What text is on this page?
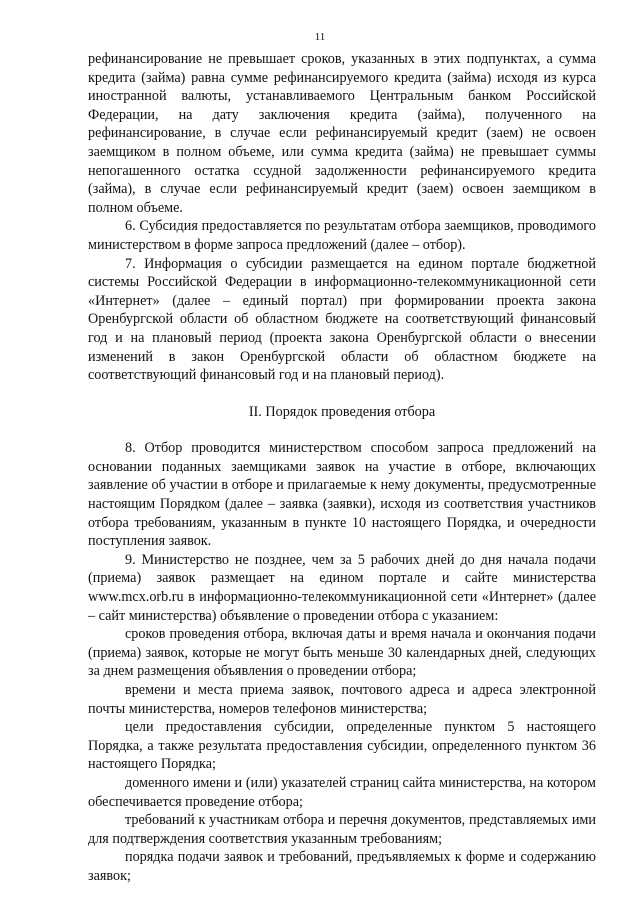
11

рефинансирование не превышает сроков, указанных в этих подпунктах, а сумма кредита (займа) равна сумме рефинансируемого кредита (займа) исходя из курса иностранной валюты, устанавливаемого Центральным банком Российской Федерации, на дату заключения кредита (займа), полученного на рефинансирование, в случае если рефинансируемый кредит (заем) не освоен заемщиком в полном объеме, или сумма кредита (займа) не превышает суммы непогашенного остатка ссудной задолженности рефинансируемого кредита (займа), в случае если рефинансируемый кредит (заем) освоен заемщиком в полном объеме.

6. Субсидия предоставляется по результатам отбора заемщиков, проводимого министерством в форме запроса предложений (далее – отбор).

7. Информация о субсидии размещается на едином портале бюджетной системы Российской Федерации в информационно-телекоммуникационной сети «Интернет» (далее – единый портал) при формировании проекта закона Оренбургской области об областном бюджете на соответствующий финансовый год и на плановый период (проекта закона Оренбургской области о внесении изменений в закон Оренбургской области об областном бюджете на соответствующий финансовый год и на плановый период).

II. Порядок проведения отбора

8. Отбор проводится министерством способом запроса предложений на основании поданных заемщиками заявок на участие в отборе, включающих заявление об участии в отборе и прилагаемые к нему документы, предусмотренные настоящим Порядком (далее – заявка (заявки), исходя из соответствия участников отбора требованиям, указанным в пункте 10 настоящего Порядка, и очередности поступления заявок.

9. Министерство не позднее, чем за 5 рабочих дней до дня начала подачи (приема) заявок размещает на едином портале и сайте министерства www.mcx.orb.ru в информационно-телекоммуникационной сети «Интернет» (далее – сайт министерства) объявление о проведении отбора с указанием:

сроков проведения отбора, включая даты и время начала и окончания подачи (приема) заявок, которые не могут быть меньше 30 календарных дней, следующих за днем размещения объявления о проведении отбора;

времени и места приема заявок, почтового адреса и адреса электронной почты министерства, номеров телефонов министерства;

цели предоставления субсидии, определенные пунктом 5 настоящего Порядка, а также результата предоставления субсидии, определенного пунктом 36 настоящего Порядка;

доменного имени и (или) указателей страниц сайта министерства, на котором обеспечивается проведение отбора;

требований к участникам отбора и перечня документов, представляемых ими для подтверждения соответствия указанным требованиям;

порядка подачи заявок и требований, предъявляемых к форме и содержанию заявок;
